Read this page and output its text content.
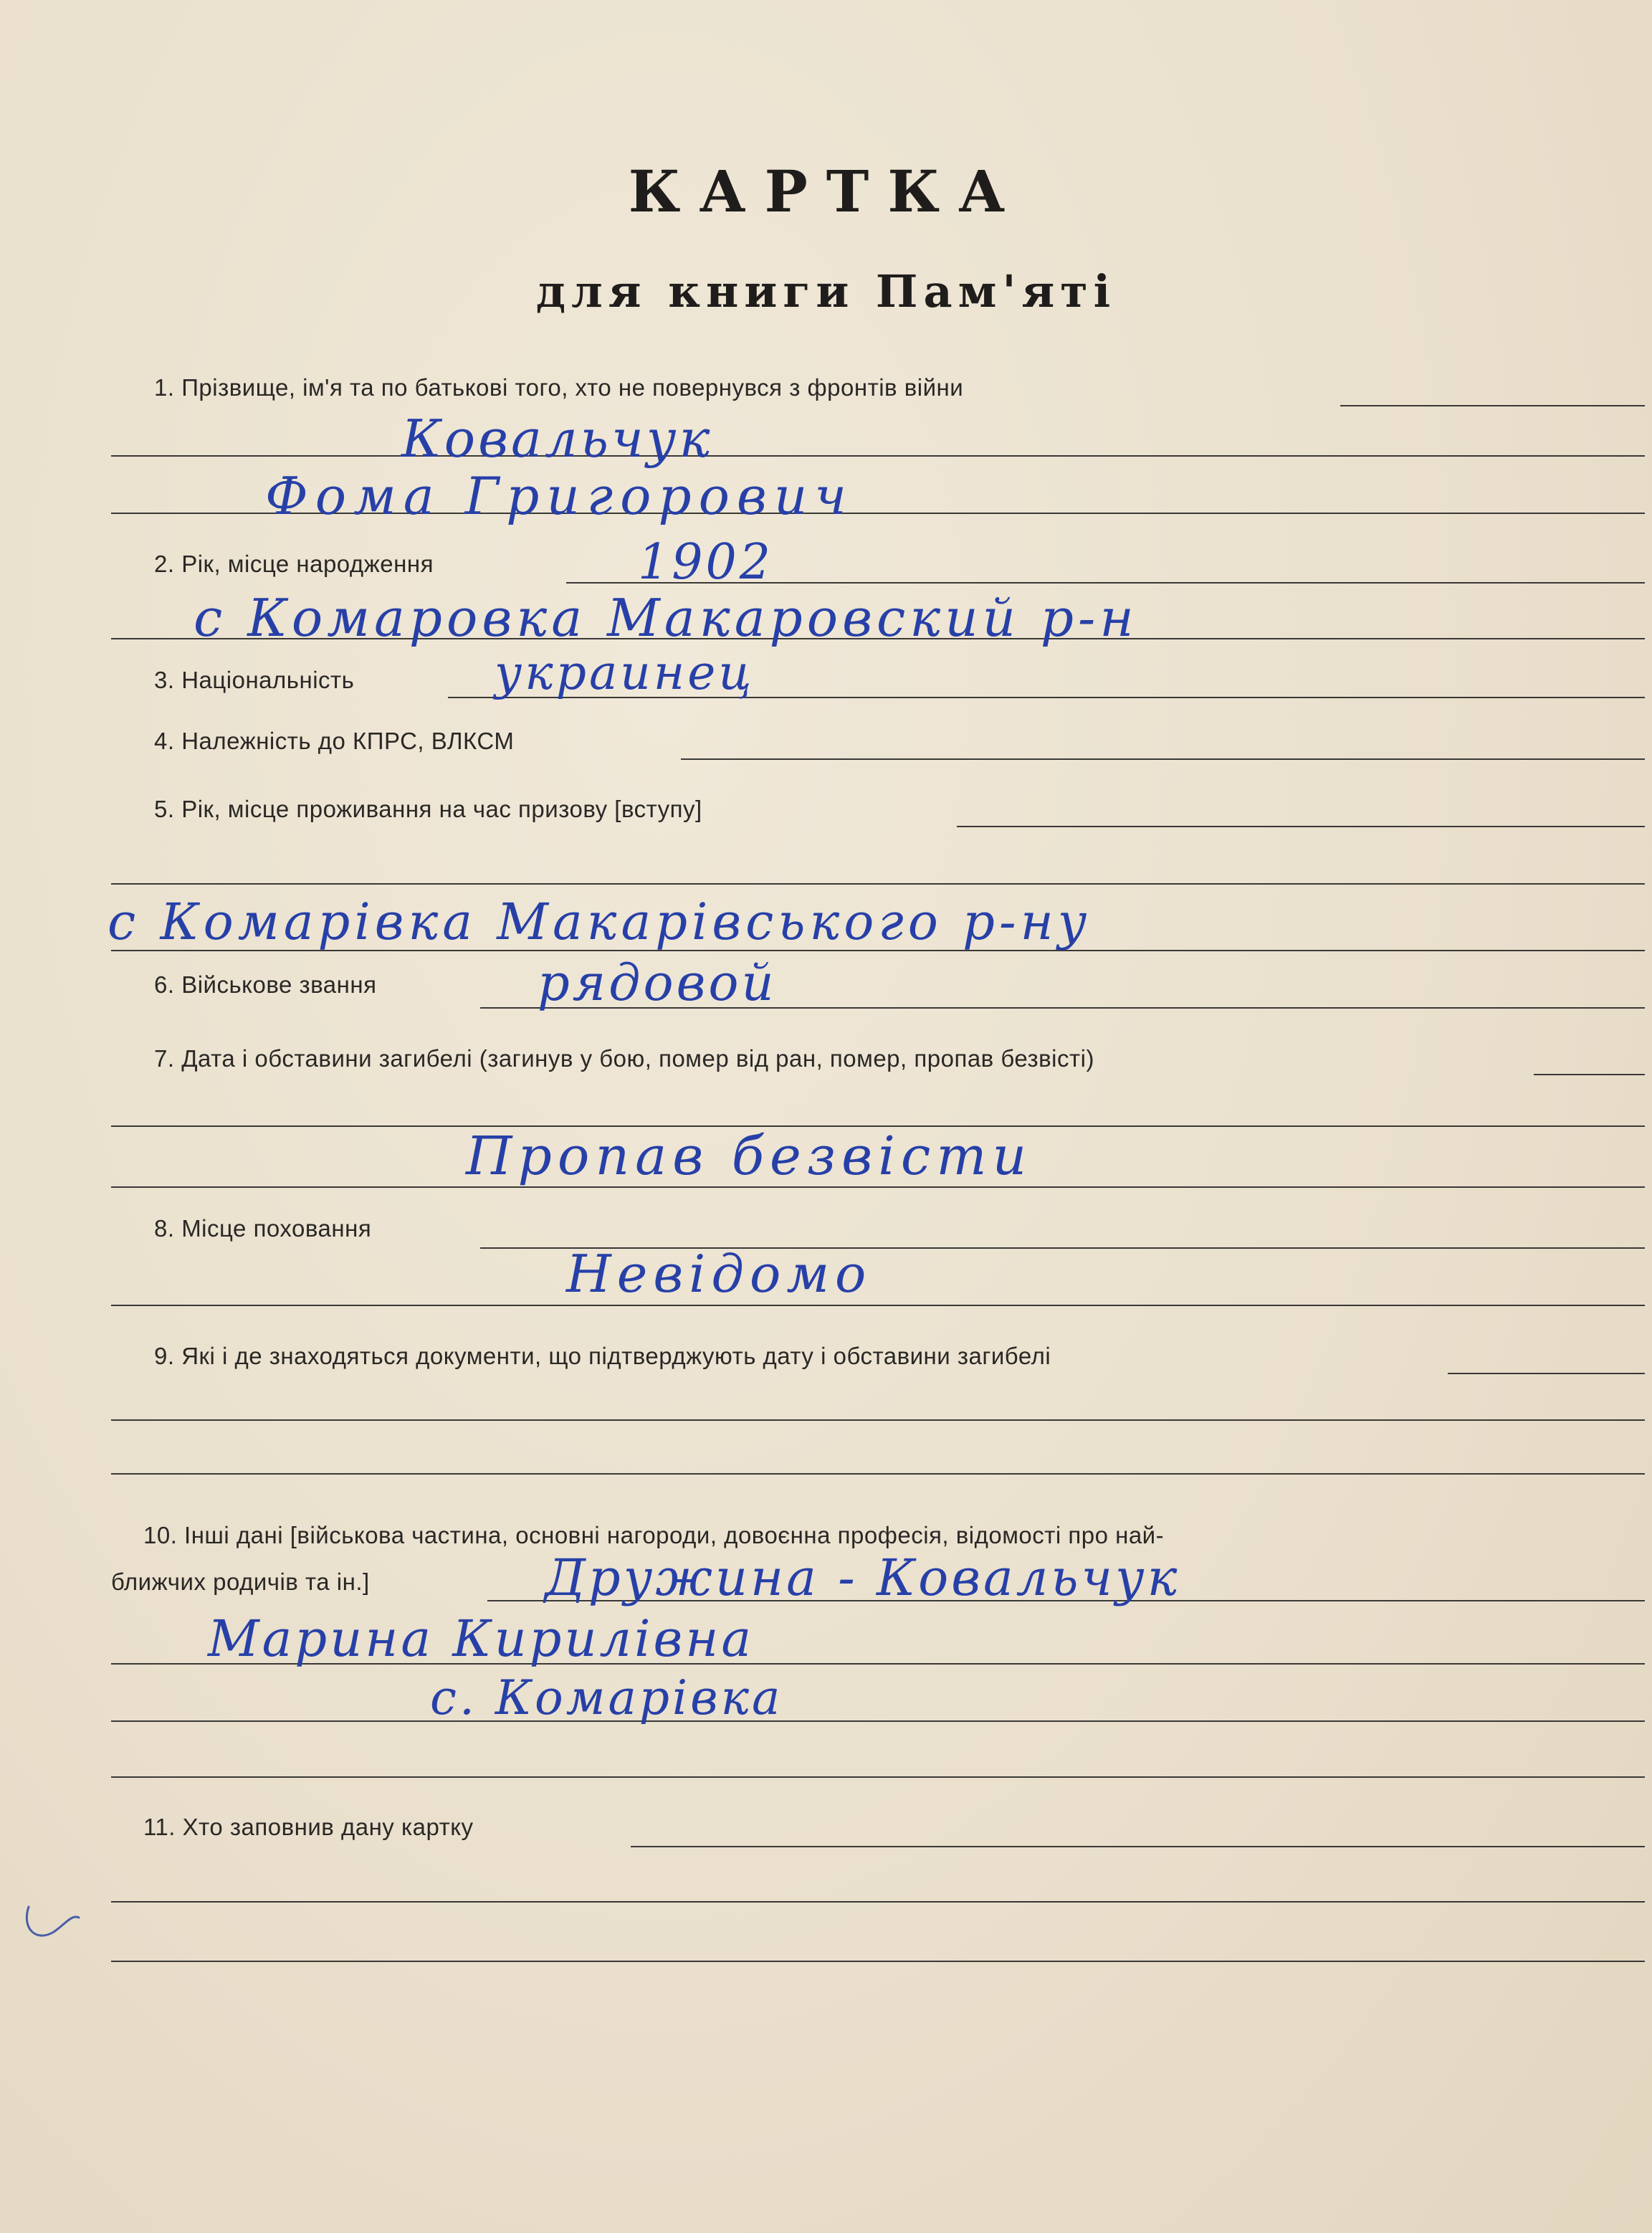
КАРТКА
для книги Пам'яті
1. Прізвище, ім'я та по батькові того, хто не повернувся з фронтів війни
Ковальчук
Фома Григорович
2. Рік, місце народження	1902
с Комаровка Макаровский р-н
3. Національність	украинец
4. Належність до КПРС, ВЛКСМ
5. Рік, місце проживання на час призову [вступу]
с Комарівка Макарівського р-ну
6. Військове звання	рядовой
7. Дата і обставини загибелі (загинув у бою, помер від ран, помер, пропав безвісті)
Пропав безвісти
8. Місце поховання
Невідомо
9. Які і де знаходяться документи, що підтверджують дату і обставини загибелі
10. Інші дані [військова частина, основні нагороди, довоєнна професія, відомості про най-
ближчих родичів та ін.]	Дружина - Ковальчук
Марина Кирилівна
с. Комарівка
11. Хто заповнив дану картку
